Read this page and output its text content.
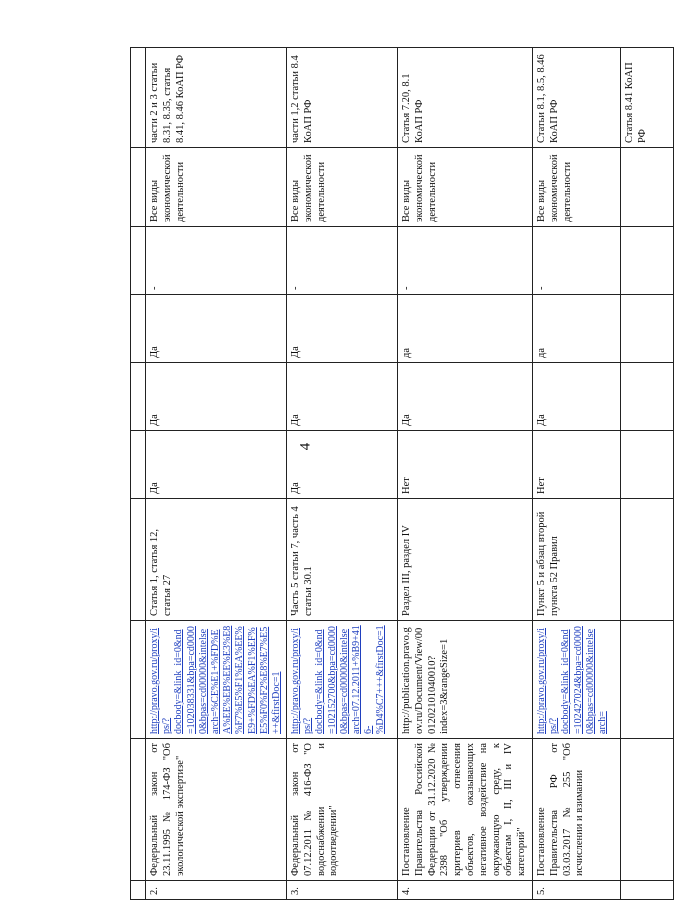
4

2.	Федеральный закон от 23.11.1995 № 174-ФЗ "Об экологической экспертизе"	http://pravo.gov.ru/proxy/ips/?docbody=&link_id=0&nd=102038331&bpa=cd00000&bpas=cd00000&intelsearch=%CE%E1+%FD%EA%EE%EB%EE%E3%E8%F7%E5%F1%EA%EE%E9+%FD%EA%F1%EF%E5%F0%F2%E8%E7%E5++&firstDoc=1	Статья 1, статья 12, статья 27	Да	Да	Да	-	Все виды экономической деятельности	части 2 и 3 статьи 8.31, 8.35, статья 8.41, 8.46 КоАП РФ
3.	Федеральный закон от 07.12.2011 № 416-ФЗ "О водоснабжении и водоотведении"	http://pravo.gov.ru/proxy/ips/?docbody=&link_id=0&nd=102152700&bpa=cd00000&bpas=cd00000&intelsearch=07.12.2011+%B9+416-%D4%C7+++&firstDoc=1	Часть 5 статьи 7, часть 4 статьи 30.1	Да	Да	Да	-	Все виды экономической деятельности	части 1,2 статьи 8.4 КоАП РФ
4.	Постановление Правительства Российской Федерации от 31.12.2020 № 2398 "Об утверждении критериев отнесения объектов, оказывающих негативное воздействие на окружающую среду, к объектам I, II, III и IV категорий"	http://publication.pravo.gov.ru/Document/View/0001202101040010?index=3&rangeSize=1	Раздел III, раздел IV	Нет	Да	да	-	Все виды экономической деятельности	Статья 7.20, 8.1 КоАП РФ
5.	Постановление Правительства РФ от 03.03.2017 № 255 "Об исчислении и взимании	http://pravo.gov.ru/proxy/ips/?docbody=&link_id=0&nd=102427024&bpa=cd00000&bpas=cd00000&intelsearch=	Пункт 5 и абзац второй пункта 52 Правил	Нет	Да	да	-	Все виды экономической деятельности	Статьи 8.1, 8.5, 8.46 КоАП РФ
									Статья 8.41 КоАП РФ
